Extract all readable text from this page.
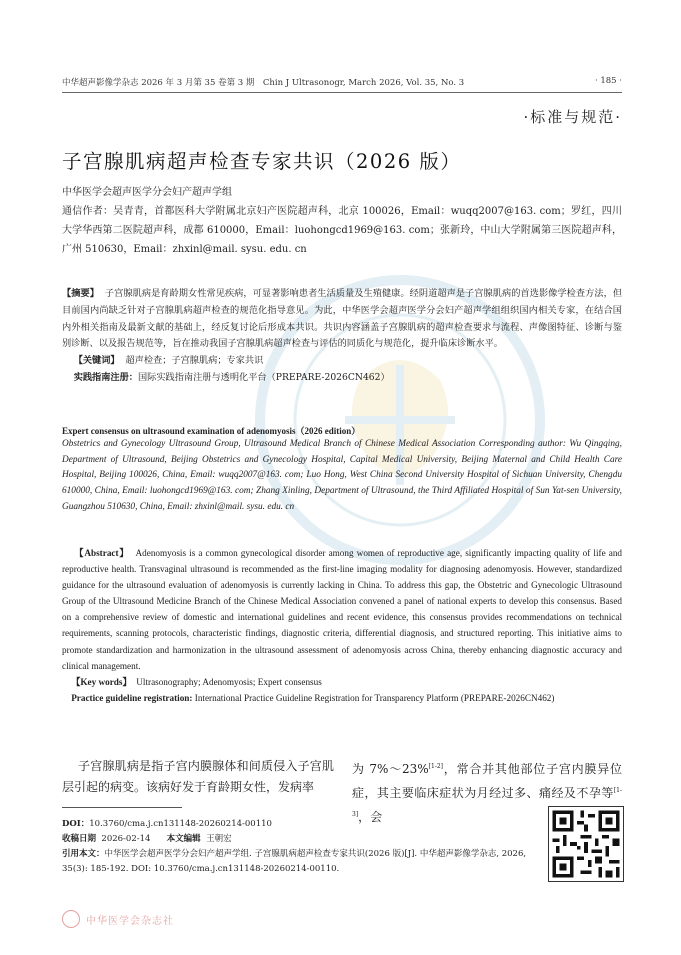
中华超声影像学杂志 2026 年 3 月第 35 卷第 3 期　Chin J Ultrasonogr, March 2026, Vol. 35, No. 3	· 185 ·
·标准与规范·
子宫腺肌病超声检查专家共识（2026 版）

中华医学会超声医学分会妇产超声学组

通信作者：吴青青，首都医科大学附属北京妇产医院超声科，北京 100026，Email：wuqq2007@163. com；罗红，四川大学华西第二医院超声科，成都 610000，Email：luohongcd1969@163. com；张新玲，中山大学附属第三医院超声科，广州 510630，Email：zhxinl@mail. sysu. edu. cn

【摘要】 子宫腺肌病是育龄期女性常见疾病，可显著影响患者生活质量及生殖健康。经阴道超声是子宫腺肌病的首选影像学检查方法，但目前国内尚缺乏针对子宫腺肌病超声检查的规范化指导意见。为此，中华医学会超声医学分会妇产超声学组组织国内相关专家，在结合国内外相关指南及最新文献的基础上，经反复讨论后形成本共识。共识内容涵盖子宫腺肌病的超声检查要求与流程、声像图特征、诊断与鉴别诊断、以及报告规范等，旨在推动我国子宫腺肌病超声检查与评估的同质化与规范化，提升临床诊断水平。

【关键词】 超声检查；子宫腺肌病；专家共识

实践指南注册：国际实践指南注册与透明化平台（PREPARE-2026CN462）

Expert consensus on ultrasound examination of adenomyosis（2026 edition）

Obstetrics and Gynecology Ultrasound Group, Ultrasound Medical Branch of Chinese Medical Association Corresponding author: Wu Qingqing, Department of Ultrasound, Beijing Obstetrics and Gynecology Hospital, Capital Medical University, Beijing Maternal and Child Health Care Hospital, Beijing 100026, China, Email: wuqq2007@163. com; Luo Hong, West China Second University Hospital of Sichuan University, Chengdu 610000, China, Email: luohongcd1969@163. com; Zhang Xinling, Department of Ultrasound, the Third Affiliated Hospital of Sun Yat-sen University, Guangzhou 510630, China, Email: zhxinl@mail. sysu. edu. cn

【Abstract】 Adenomyosis is a common gynecological disorder among women of reproductive age, significantly impacting quality of life and reproductive health. Transvaginal ultrasound is recommended as the first-line imaging modality for diagnosing adenomyosis. However, standardized guidance for the ultrasound evaluation of adenomyosis is currently lacking in China. To address this gap, the Obstetric and Gynecologic Ultrasound Group of the Ultrasound Medicine Branch of the Chinese Medical Association convened a panel of national experts to develop this consensus. Based on a comprehensive review of domestic and international guidelines and recent evidence, this consensus provides recommendations on technical requirements, scanning protocols, characteristic findings, diagnostic criteria, differential diagnosis, and structured reporting. This initiative aims to promote standardization and harmonization in the ultrasound assessment of adenomyosis across China, thereby enhancing diagnostic accuracy and clinical management.

【Key words】 Ultrasonography; Adenomyosis; Expert consensus

Practice guideline registration: International Practice Guideline Registration for Transparency Platform (PREPARE-2026CN462)

子宫腺肌病是指子宫内膜腺体和间质侵入子宫肌层引起的病变。该病好发于育龄期女性，发病率

为 7%～23%[1-2]，常合并其他部位子宫内膜异位症，其主要临床症状为月经过多、痛经及不孕等[1-3]，会

DOI：10.3760/cma.j.cn131148-20260214-00110

收稿日期 2026-02-14 本文编辑 王朝宏

引用本文：中华医学会超声医学分会妇产超声学组. 子宫腺肌病超声检查专家共识(2026 版)[J]. 中华超声影像学杂志, 2026, 35(3): 185-192. DOI: 10.3760/cma.j.cn131148-20260214-00110.

中华医学会杂志社
